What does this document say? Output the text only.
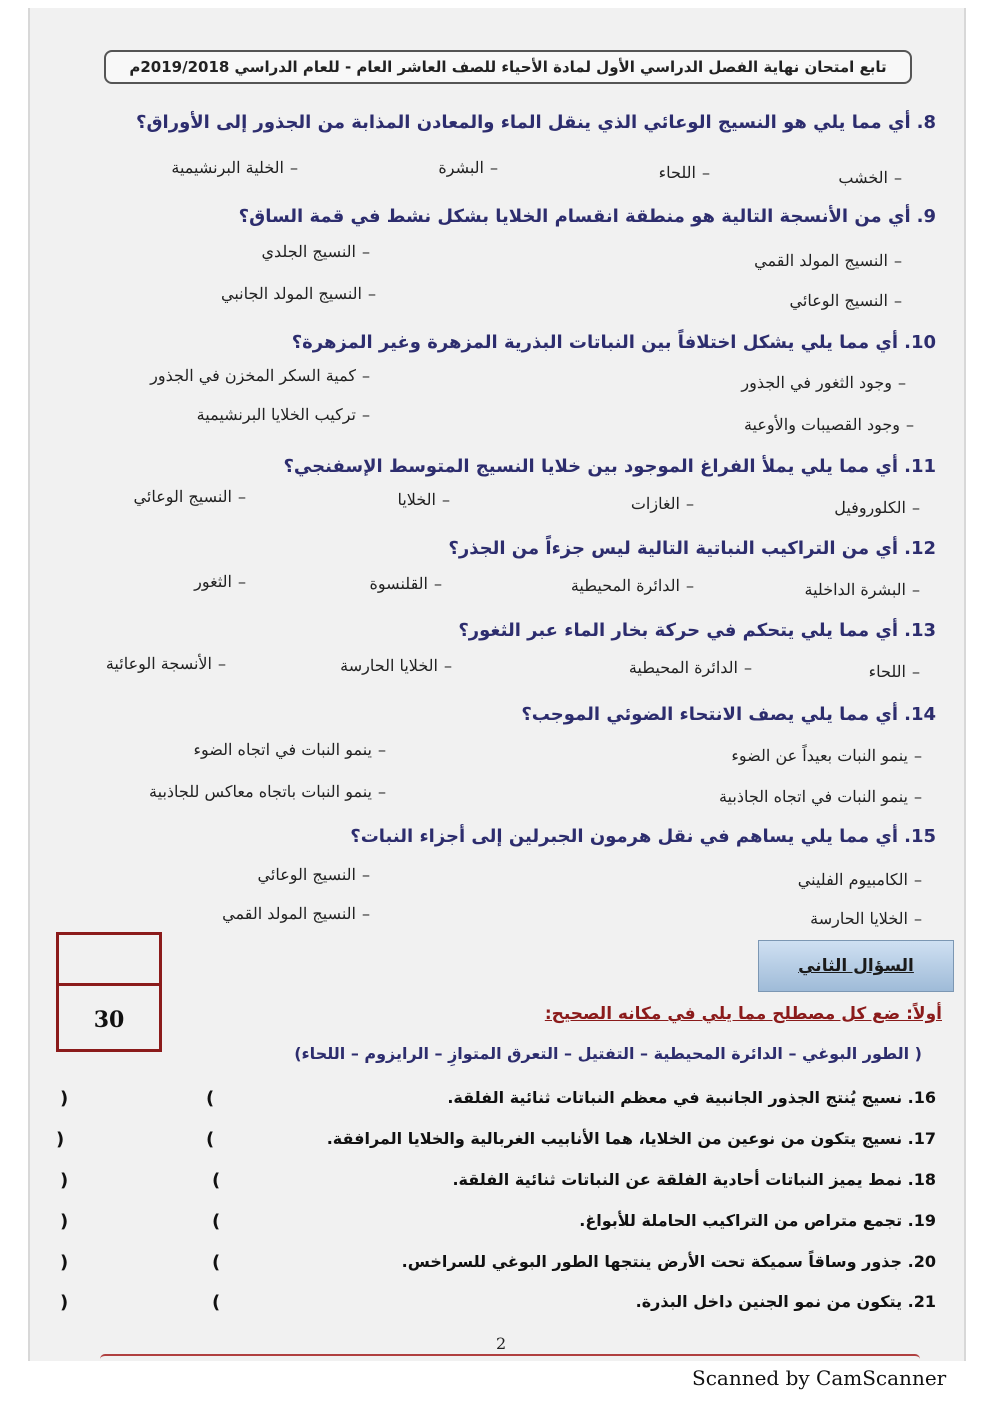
تابع امتحان نهاية الفصل الدراسي الأول لمادة الأحياء للصف العاشر العام - للعام الدراسي 2019/2018م
8.أي مما يلي هو النسيج الوعائي الذي ينقل الماء والمعادن المذابة من الجذور إلى الأوراق؟
–الخشب
–اللحاء
–البشرة
–الخلية البرنشيمية
9.أي من الأنسجة التالية هو منطقة انقسام الخلايا بشكل نشط في قمة الساق؟
–النسيج المولد القمي
–النسيج الجلدي
–النسيج الوعائي
–النسيج المولد الجانبي
10.أي مما يلي يشكل اختلافاً بين النباتات البذرية المزهرة وغير المزهرة؟
–وجود الثغور في الجذور
–كمية السكر المخزن في الجذور
–وجود القصيبات والأوعية
–تركيب الخلايا البرنشيمية
11.أي مما يلي يملأ الفراغ الموجود بين خلايا النسيج المتوسط الإسفنجي؟
–الكلوروفيل
–الغازات
–الخلايا
–النسيج الوعائي
12.أي من التراكيب النباتية التالية ليس جزءاً من الجذر؟
–البشرة الداخلية
–الدائرة المحيطية
–القلنسوة
–الثغور
13.أي مما يلي يتحكم في حركة بخار الماء عبر الثغور؟
–اللحاء
–الدائرة المحيطية
–الخلايا الحارسة
–الأنسجة الوعائية
14.أي مما يلي يصف الانتحاء الضوئي الموجب؟
–ينمو النبات بعيداً عن الضوء
–ينمو النبات في اتجاه الضوء
–ينمو النبات في اتجاه الجاذبية
–ينمو النبات باتجاه معاكس للجاذبية
15.أي مما يلي يساهم في نقل هرمون الجبرلين إلى أجزاء النبات؟
–الكامبيوم الفليني
–النسيج الوعائي
–الخلايا الحارسة
–النسيج المولد القمي
30
السؤال الثاني
أولاً: ضع كل مصطلح مما يلي في مكانه الصحيح:
( الطور البوغي – الدائرة المحيطية – التفتيل – التعرق المتوازِ – الرايزوم – اللحاء)
16. نسيج يُنتج الجذور الجانبية في معظم النباتات ثنائية الفلقة.
(
)
17. نسيج يتكون من نوعين من الخلايا، هما الأنابيب الغربالية والخلايا المرافقة.
(
)
18. نمط يميز النباتات أحادية الفلقة عن النباتات ثنائية الفلقة.
(
)
19. تجمع متراص من التراكيب الحاملة للأبواغ.
(
)
20. جذور وساقاً سميكة تحت الأرض ينتجها الطور البوغي للسراخس.
(
)
21. يتكون من نمو الجنين داخل البذرة.
(
)
2
Scanned by CamScanner
